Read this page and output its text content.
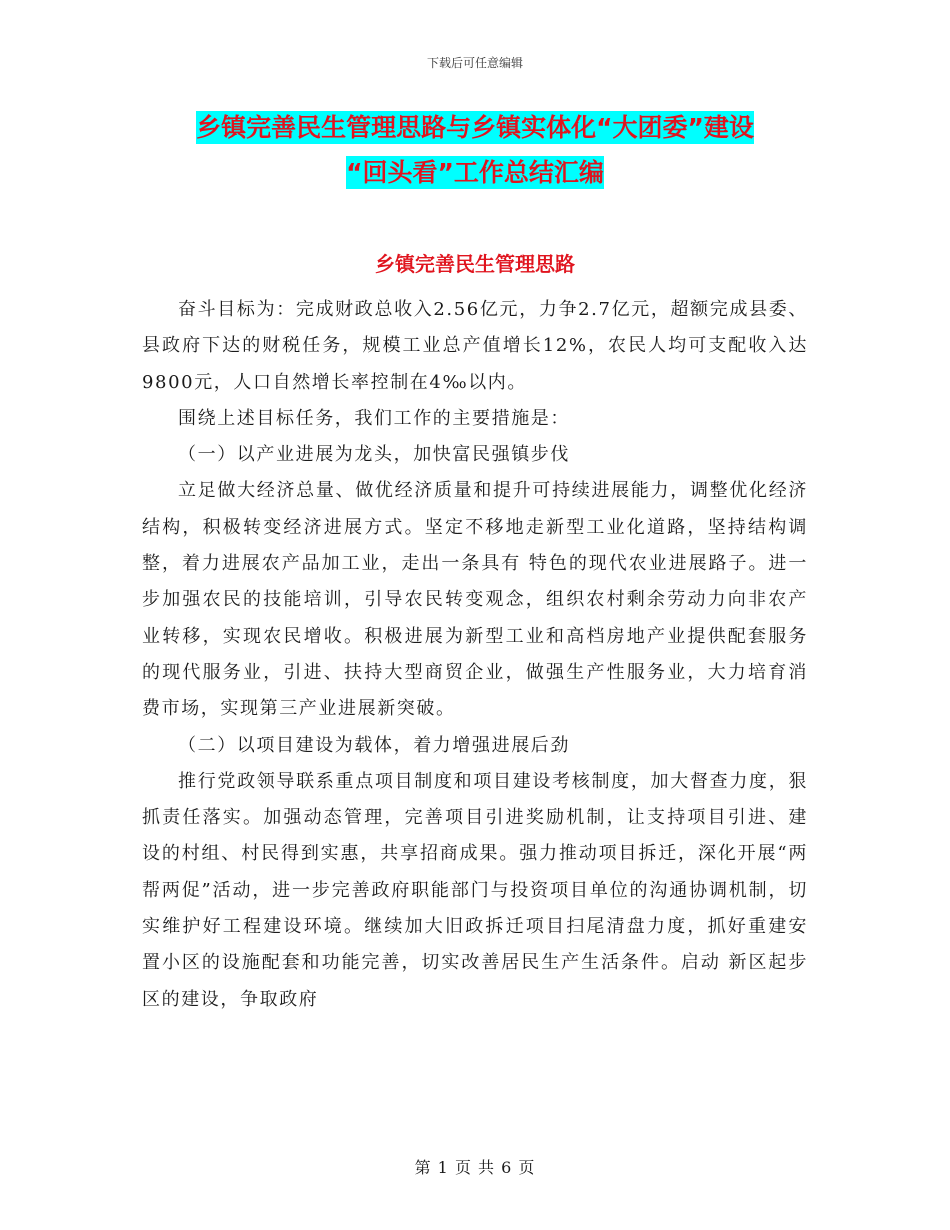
下载后可任意编辑
乡镇完善民生管理思路与乡镇实体化“大团委”建设
“回头看”工作总结汇编
乡镇完善民生管理思路

奋斗目标为：完成财政总收入2.56亿元，力争2.7亿元，超额完成县委、县政府下达的财税任务，规模工业总产值增长12%，农民人均可支配收入达9800元，人口自然增长率控制在4‰以内。

围绕上述目标任务，我们工作的主要措施是：

（一）以产业进展为龙头，加快富民强镇步伐

立足做大经济总量、做优经济质量和提升可持续进展能力，调整优化经济结构，积极转变经济进展方式。坚定不移地走新型工业化道路，坚持结构调整，着力进展农产品加工业，走出一条具有 特色的现代农业进展路子。进一步加强农民的技能培训，引导农民转变观念，组织农村剩余劳动力向非农产业转移，实现农民增收。积极进展为新型工业和高档房地产业提供配套服务的现代服务业，引进、扶持大型商贸企业，做强生产性服务业，大力培育消费市场，实现第三产业进展新突破。

（二）以项目建设为载体，着力增强进展后劲

推行党政领导联系重点项目制度和项目建设考核制度，加大督查力度，狠抓责任落实。加强动态管理，完善项目引进奖励机制，让支持项目引进、建设的村组、村民得到实惠，共享招商成果。强力推动项目拆迁，深化开展“两帮两促”活动，进一步完善政府职能部门与投资项目单位的沟通协调机制，切实维护好工程建设环境。继续加大旧政拆迁项目扫尾清盘力度，抓好重建安置小区的设施配套和功能完善，切实改善居民生产生活条件。启动 新区起步区的建设，争取政府

第 1 页 共 6 页
